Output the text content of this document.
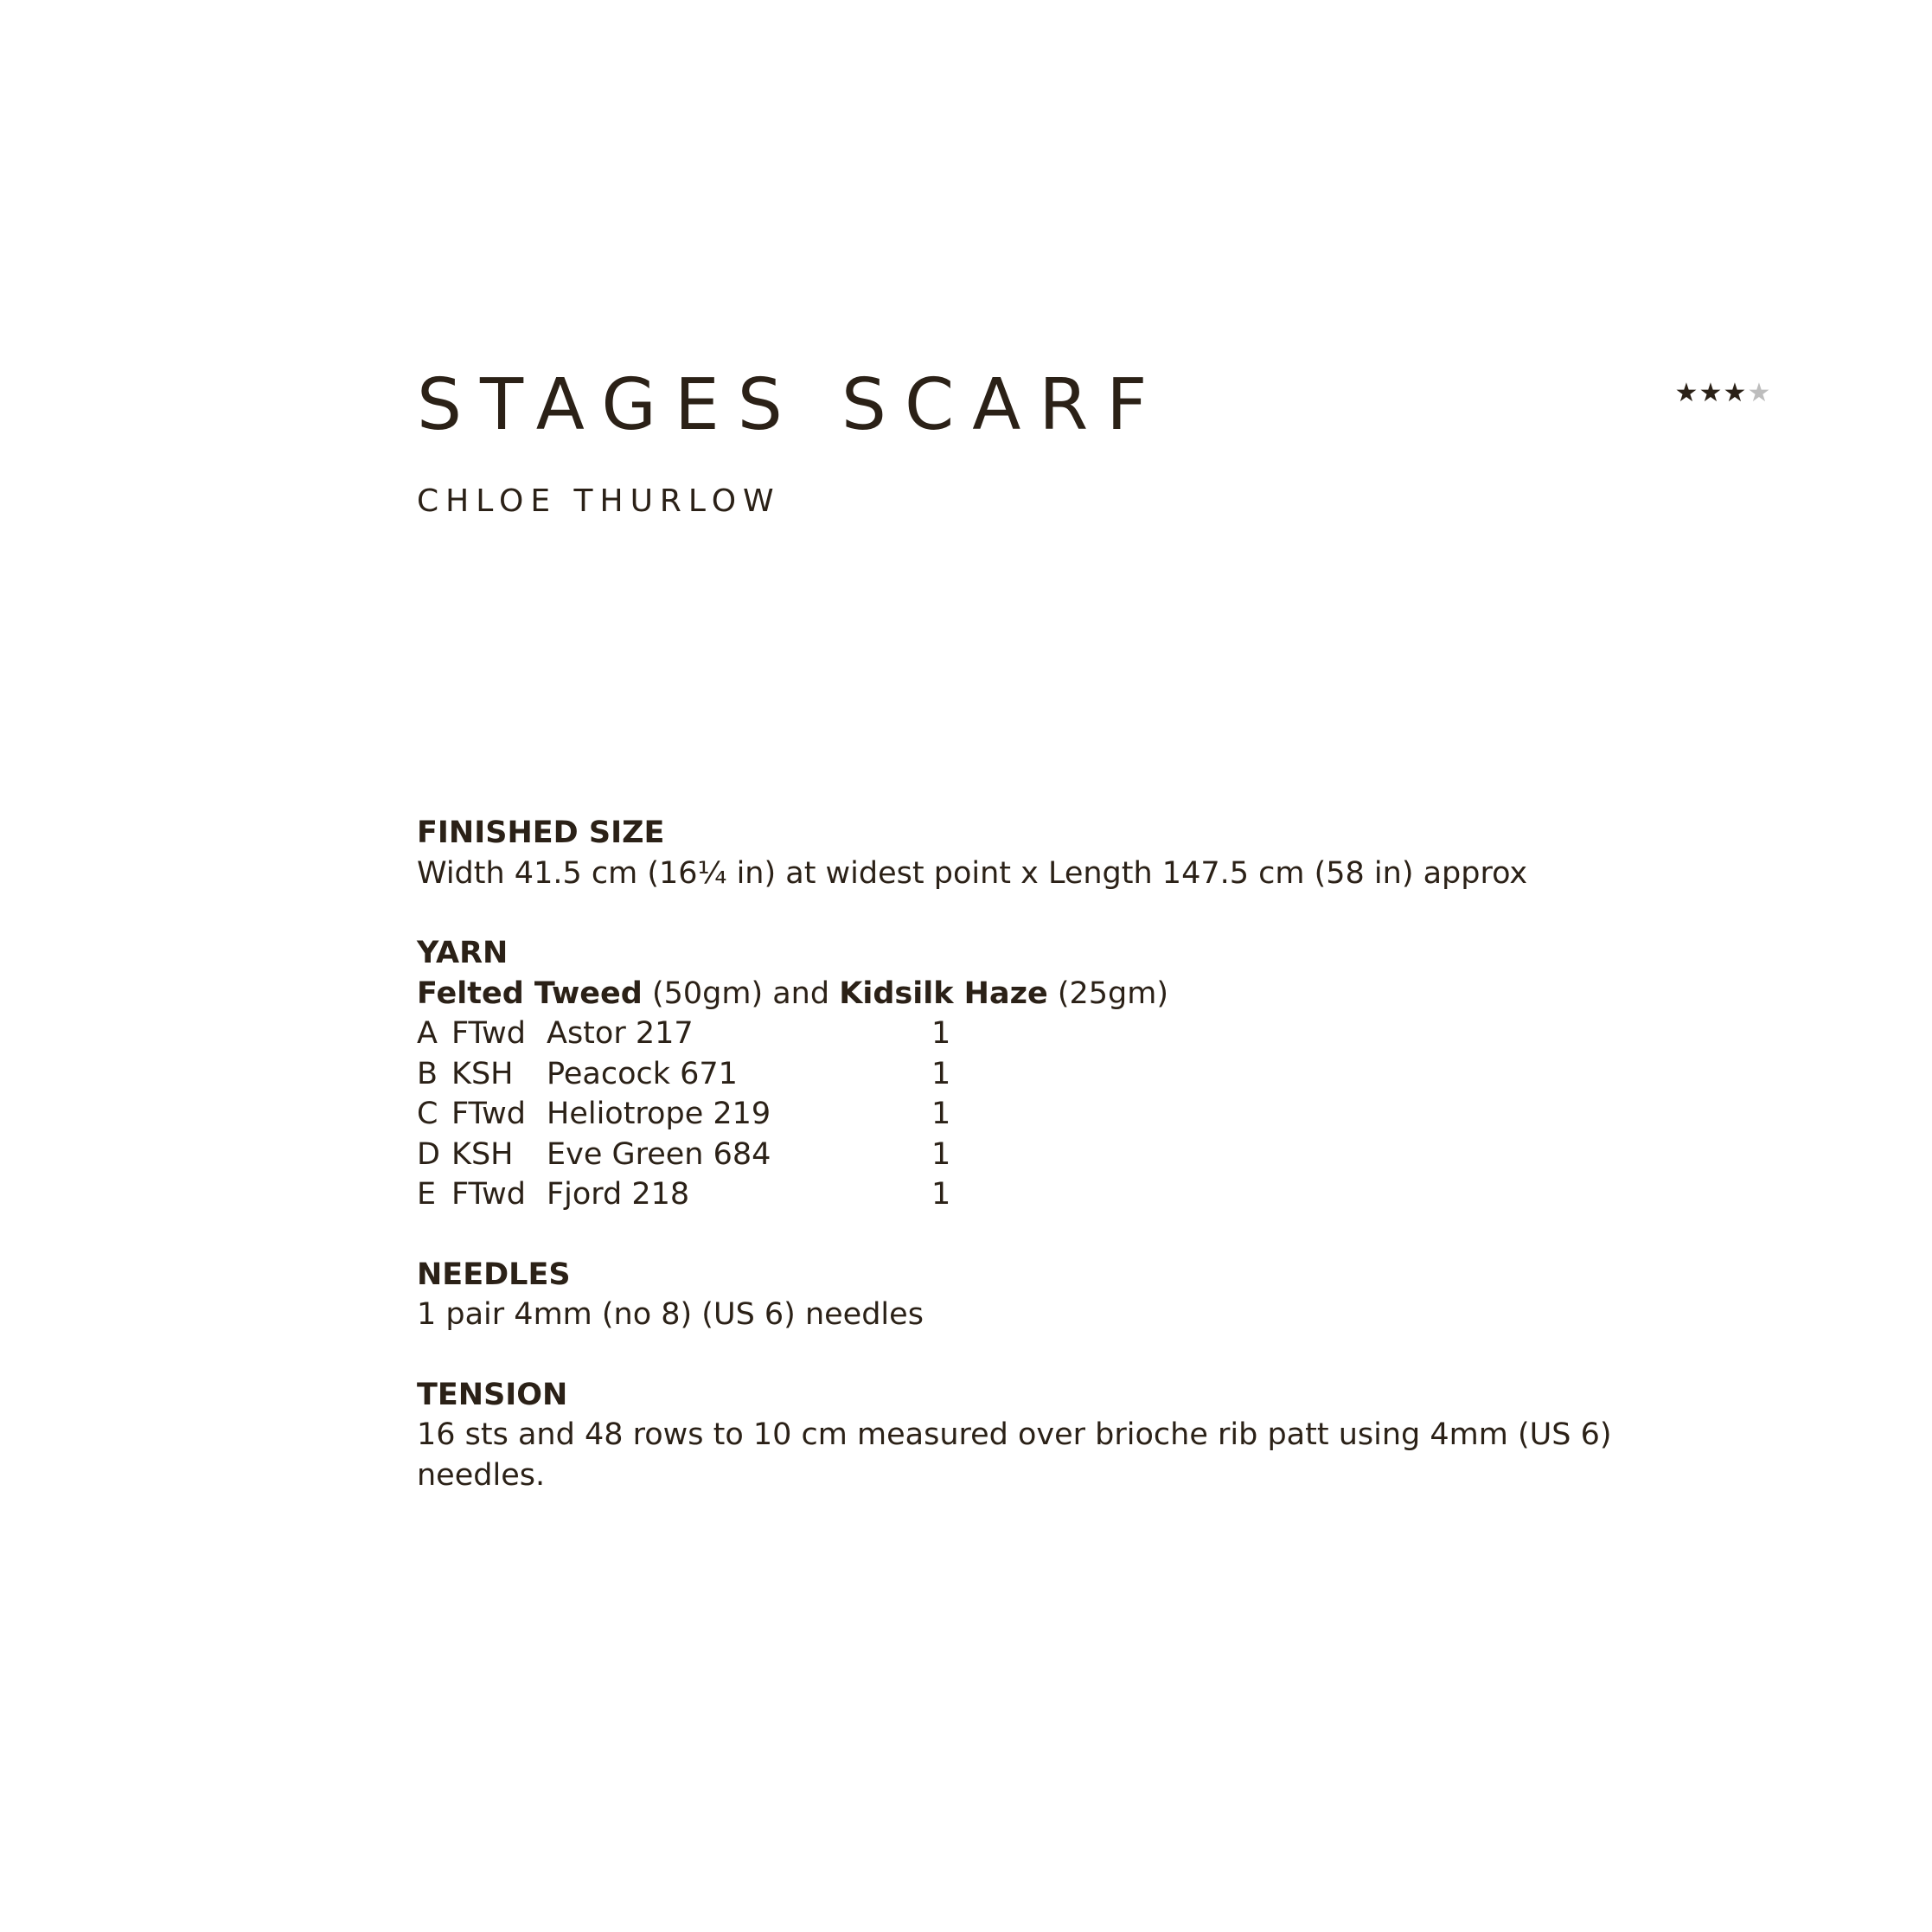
STAGES SCARF

CHLOE THURLOW

★★★★

FINISHED SIZE

Width 41.5 cm (16¼ in) at widest point x Length 147.5 cm (58 in) approx

YARN

Felted Tweed (50gm) and Kidsilk Haze (25gm)

A FTwd Astor 217	1
B KSH	Peacock 671	1
C FTwd Heliotrope 219	1
D KSH	Eve Green 684	1
E FTwd Fjord 218	1

NEEDLES

1 pair 4mm (no 8) (US 6) needles

TENSION

16 sts and 48 rows to 10 cm measured over brioche rib patt using 4mm (US 6) needles.
